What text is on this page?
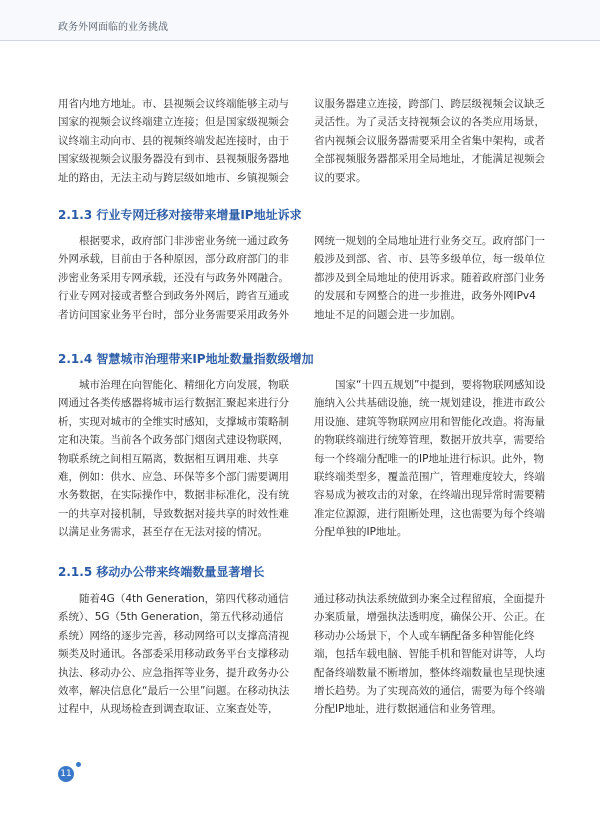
政务外网面临的业务挑战

用省内地方地址。市、县视频会议终端能够主动与国家的视频会议终端建立连接；但是国家级视频会议终端主动向市、县的视频终端发起连接时，由于国家级视频会议服务器没有到市、县视频服务器地址的路由，无法主动与跨层级如地市、乡镇视频会

议服务器建立连接，跨部门、跨层级视频会议缺乏灵活性。为了灵活支持视频会议的各类应用场景，省内视频会议服务器需要采用全省集中架构，或者全部视频服务器都采用全局地址，才能满足视频会议的要求。

2.1.3 行业专网迁移对接带来增量IP地址诉求

根据要求，政府部门非涉密业务统一通过政务外网承载，目前由于各种原因，部分政府部门的非涉密业务采用专网承载，还没有与政务外网融合。行业专网对接或者整合到政务外网后，跨省互通或者访问国家业务平台时，部分业务需要采用政务外

网统一规划的全局地址进行业务交互。政府部门一般涉及到部、省、市、县等多级单位，每一级单位都涉及到全局地址的使用诉求。随着政府部门业务的发展和专网整合的进一步推进，政务外网IPv4地址不足的问题会进一步加剧。

2.1.4 智慧城市治理带来IP地址数量指数级增加

城市治理在向智能化、精细化方向发展，物联网通过各类传感器将城市运行数据汇聚起来进行分析，实现对城市的全维实时感知，支撑城市策略制定和决策。当前各个政务部门烟囱式建设物联网，物联系统之间相互隔离，数据相互调用难、共享难，例如：供水、应急、环保等多个部门需要调用水务数据，在实际操作中，数据非标准化，没有统一的共享对接机制，导致数据对接共享的时效性难以满足业务需求，甚至存在无法对接的情况。

国家“十四五规划”中提到，要将物联网感知设施纳入公共基础设施，统一规划建设，推进市政公用设施、建筑等物联网应用和智能化改造。将海量的物联终端进行统筹管理，数据开放共享，需要给每一个终端分配唯一的IP地址进行标识。此外，物联终端类型多，覆盖范围广，管理难度较大，终端容易成为被攻击的对象，在终端出现异常时需要精准定位源源，进行阻断处理，这也需要为每个终端分配单独的IP地址。

2.1.5 移动办公带来终端数量显著增长

随着4G（4th Generation，第四代移动通信系统）、5G（5th Generation，第五代移动通信系统）网络的逐步完善，移动网络可以支撑高清视频类及时通讯。各部委采用移动政务平台支撑移动执法、移动办公、应急指挥等业务，提升政务办公效率，解决信息化“最后一公里”问题。在移动执法过程中，从现场检查到调查取证、立案查处等，

通过移动执法系统做到办案全过程留痕，全面提升办案质量，增强执法透明度，确保公开、公正。在移动办公场景下，个人或车辆配备多种智能化终端，包括车载电脑、智能手机和智能对讲等，人均配备终端数量不断增加，整体终端数量也呈现快速增长趋势。为了实现高效的通信，需要为每个终端分配IP地址，进行数据通信和业务管理。

11
